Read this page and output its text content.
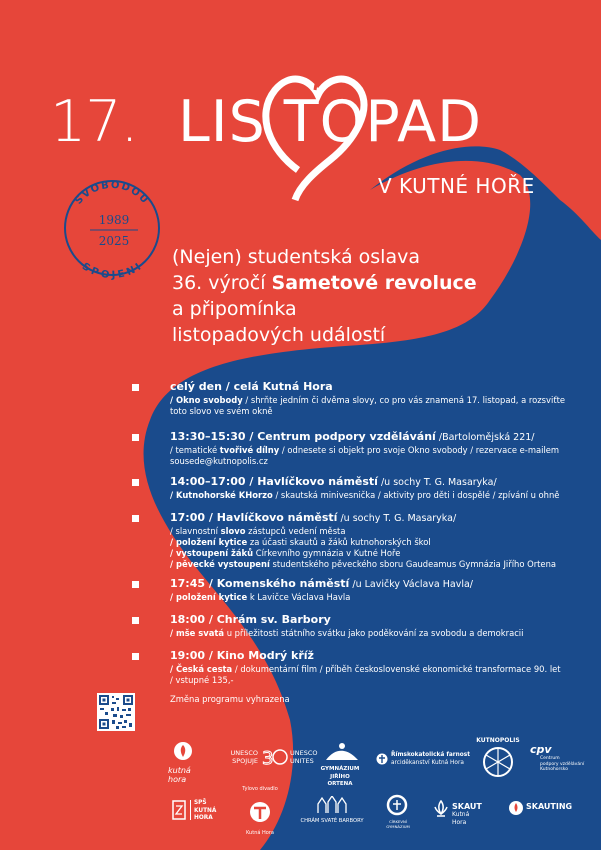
SVOBODOU
SPOJENI
1989
2025
17. LIS TOPAD
V KUTNÉ HOŘE
(Nejen) studentská oslava
36. výročí Sametové revoluce
a připomínka
listopadových událostí
celý den / celá Kutná Hora
/ Okno svobody / shrňte jedním či dvěma slovy, co pro vás znamená 17. listopad, a rozsviťte
toto slovo ve svém okně
13:30–15:30 / Centrum podpory vzdělávání /Bartolomějská 221/
/ tematické tvořivé dílny / odnesete si objekt pro svoje Okno svobody / rezervace e-mailem
sousede@kutnopolis.cz
14:00–17:00 / Havlíčkovo náměstí /u sochy T. G. Masaryka/
/ Kutnohorské KHorzo / skautská minivesnička / aktivity pro děti i dospělé / zpívání u ohně
17:00 / Havlíčkovo náměstí /u sochy T. G. Masaryka/
/ slavnostní slovo zástupců vedení města
/ položení kytice za účasti skautů a žáků kutnohorských škol
/ vystoupení žáků Církevního gymnázia v Kutné Hoře
/ pěvecké vystoupení studentského pěveckého sboru Gaudeamus Gymnázia Jiřího Ortena
17:45 / Komenského náměstí /u Lavičky Václava Havla/
/ položení kytice k Lavičce Václava Havla
18:00 / Chrám sv. Barbory
/ mše svatá u příležitosti státního svátku jako poděkování za svobodu a demokracii
19:00 / Kino Modrý kříž
/ Česká cesta / dokumentární film / příběh československé ekonomické transformace 90. let
/ vstupné 135,-
Změna programu vyhrazena
kutná
hora
UNESCO
SPOJUJE 3	UNESCO
UNITES
GYMNÁZIUM
JIŘÍHO ORTENA
Římskokatolická farnost
arciděkanství Kutná Hora
KUTNOPOLIS
cpv
Centrum
podpory vzdělávání
Kutnohorsko
SPŠ
KUTNÁ
HORA
Tylovo divadlo
Kutná Hora
CHRÁM SVATÉ BARBORY	CÍRKEVNÍ
GYMNÁZIUM
SKAUT
Kutná Hora
SKAUTING
